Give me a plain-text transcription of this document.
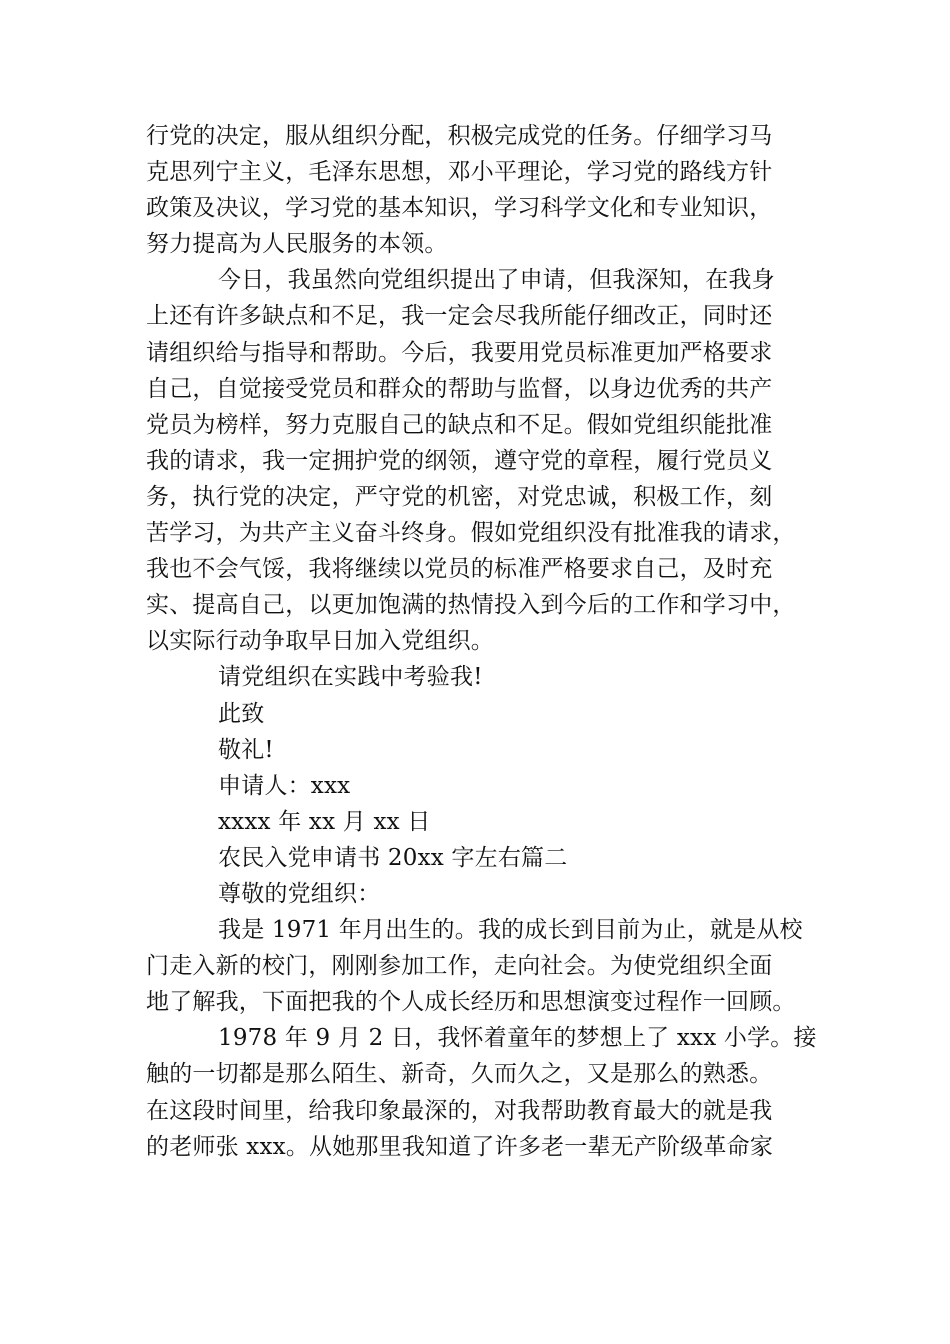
行党的决定，服从组织分配，积极完成党的任务。仔细学习马
克思列宁主义，毛泽东思想，邓小平理论，学习党的路线方针
政策及决议，学习党的基本知识，学习科学文化和专业知识，
努力提高为人民服务的本领。
今日，我虽然向党组织提出了申请，但我深知，在我身
上还有许多缺点和不足，我一定会尽我所能仔细改正，同时还
请组织给与指导和帮助。今后，我要用党员标准更加严格要求
自己，自觉接受党员和群众的帮助与监督，以身边优秀的共产
党员为榜样，努力克服自己的缺点和不足。假如党组织能批准
我的请求，我一定拥护党的纲领，遵守党的章程，履行党员义
务，执行党的决定，严守党的机密，对党忠诚，积极工作，刻
苦学习，为共产主义奋斗终身。假如党组织没有批准我的请求，
我也不会气馁，我将继续以党员的标准严格要求自己，及时充
实、提高自己，以更加饱满的热情投入到今后的工作和学习中，
以实际行动争取早日加入党组织。
请党组织在实践中考验我!
此致
敬礼!
申请人：xxx
xxxx 年 xx 月 xx 日
农民入党申请书 20xx 字左右篇二
尊敬的党组织：
我是 1971 年月出生的。我的成长到目前为止，就是从校
门走入新的校门，刚刚参加工作，走向社会。为使党组织全面
地了解我，下面把我的个人成长经历和思想演变过程作一回顾。
1978 年 9 月 2 日，我怀着童年的梦想上了 xxx 小学。接
触的一切都是那么陌生、新奇，久而久之，又是那么的熟悉。
在这段时间里，给我印象最深的，对我帮助教育最大的就是我
的老师张 xxx。从她那里我知道了许多老一辈无产阶级革命家
